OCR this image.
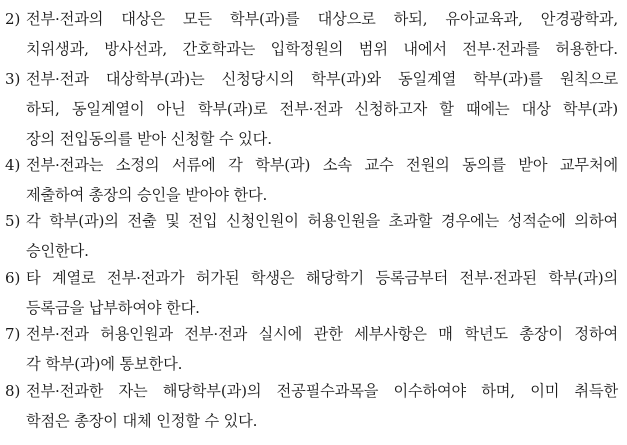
2) 전부·전과의 대상은 모든 학부(과)를 대상으로 하되, 유아교육과, 안경광학과,
치위생과, 방사선과, 간호학과는 입학정원의 범위 내에서 전부·전과를 허용한다.
3) 전부·전과 대상학부(과)는 신청당시의 학부(과)와 동일계열 학부(과)를 원칙으로
하되, 동일계열이 아닌 학부(과)로 전부·전과 신청하고자 할 때에는 대상 학부(과)
장의 전입동의를 받아 신청할 수 있다.
4) 전부·전과는 소정의 서류에 각 학부(과) 소속 교수 전원의 동의를 받아 교무처에
제출하여 총장의 승인을 받아야 한다.
5) 각 학부(과)의 전출 및 전입 신청인원이 허용인원을 초과할 경우에는 성적순에 의하여
승인한다.
6) 타 계열로 전부·전과가 허가된 학생은 해당학기 등록금부터 전부·전과된 학부(과)의
등록금을 납부하여야 한다.
7) 전부·전과 허용인원과 전부·전과 실시에 관한 세부사항은 매 학년도 총장이 정하여
각 학부(과)에 통보한다.
8) 전부·전과한 자는 해당학부(과)의 전공필수과목을 이수하여야 하며, 이미 취득한
학점은 총장이 대체 인정할 수 있다.
